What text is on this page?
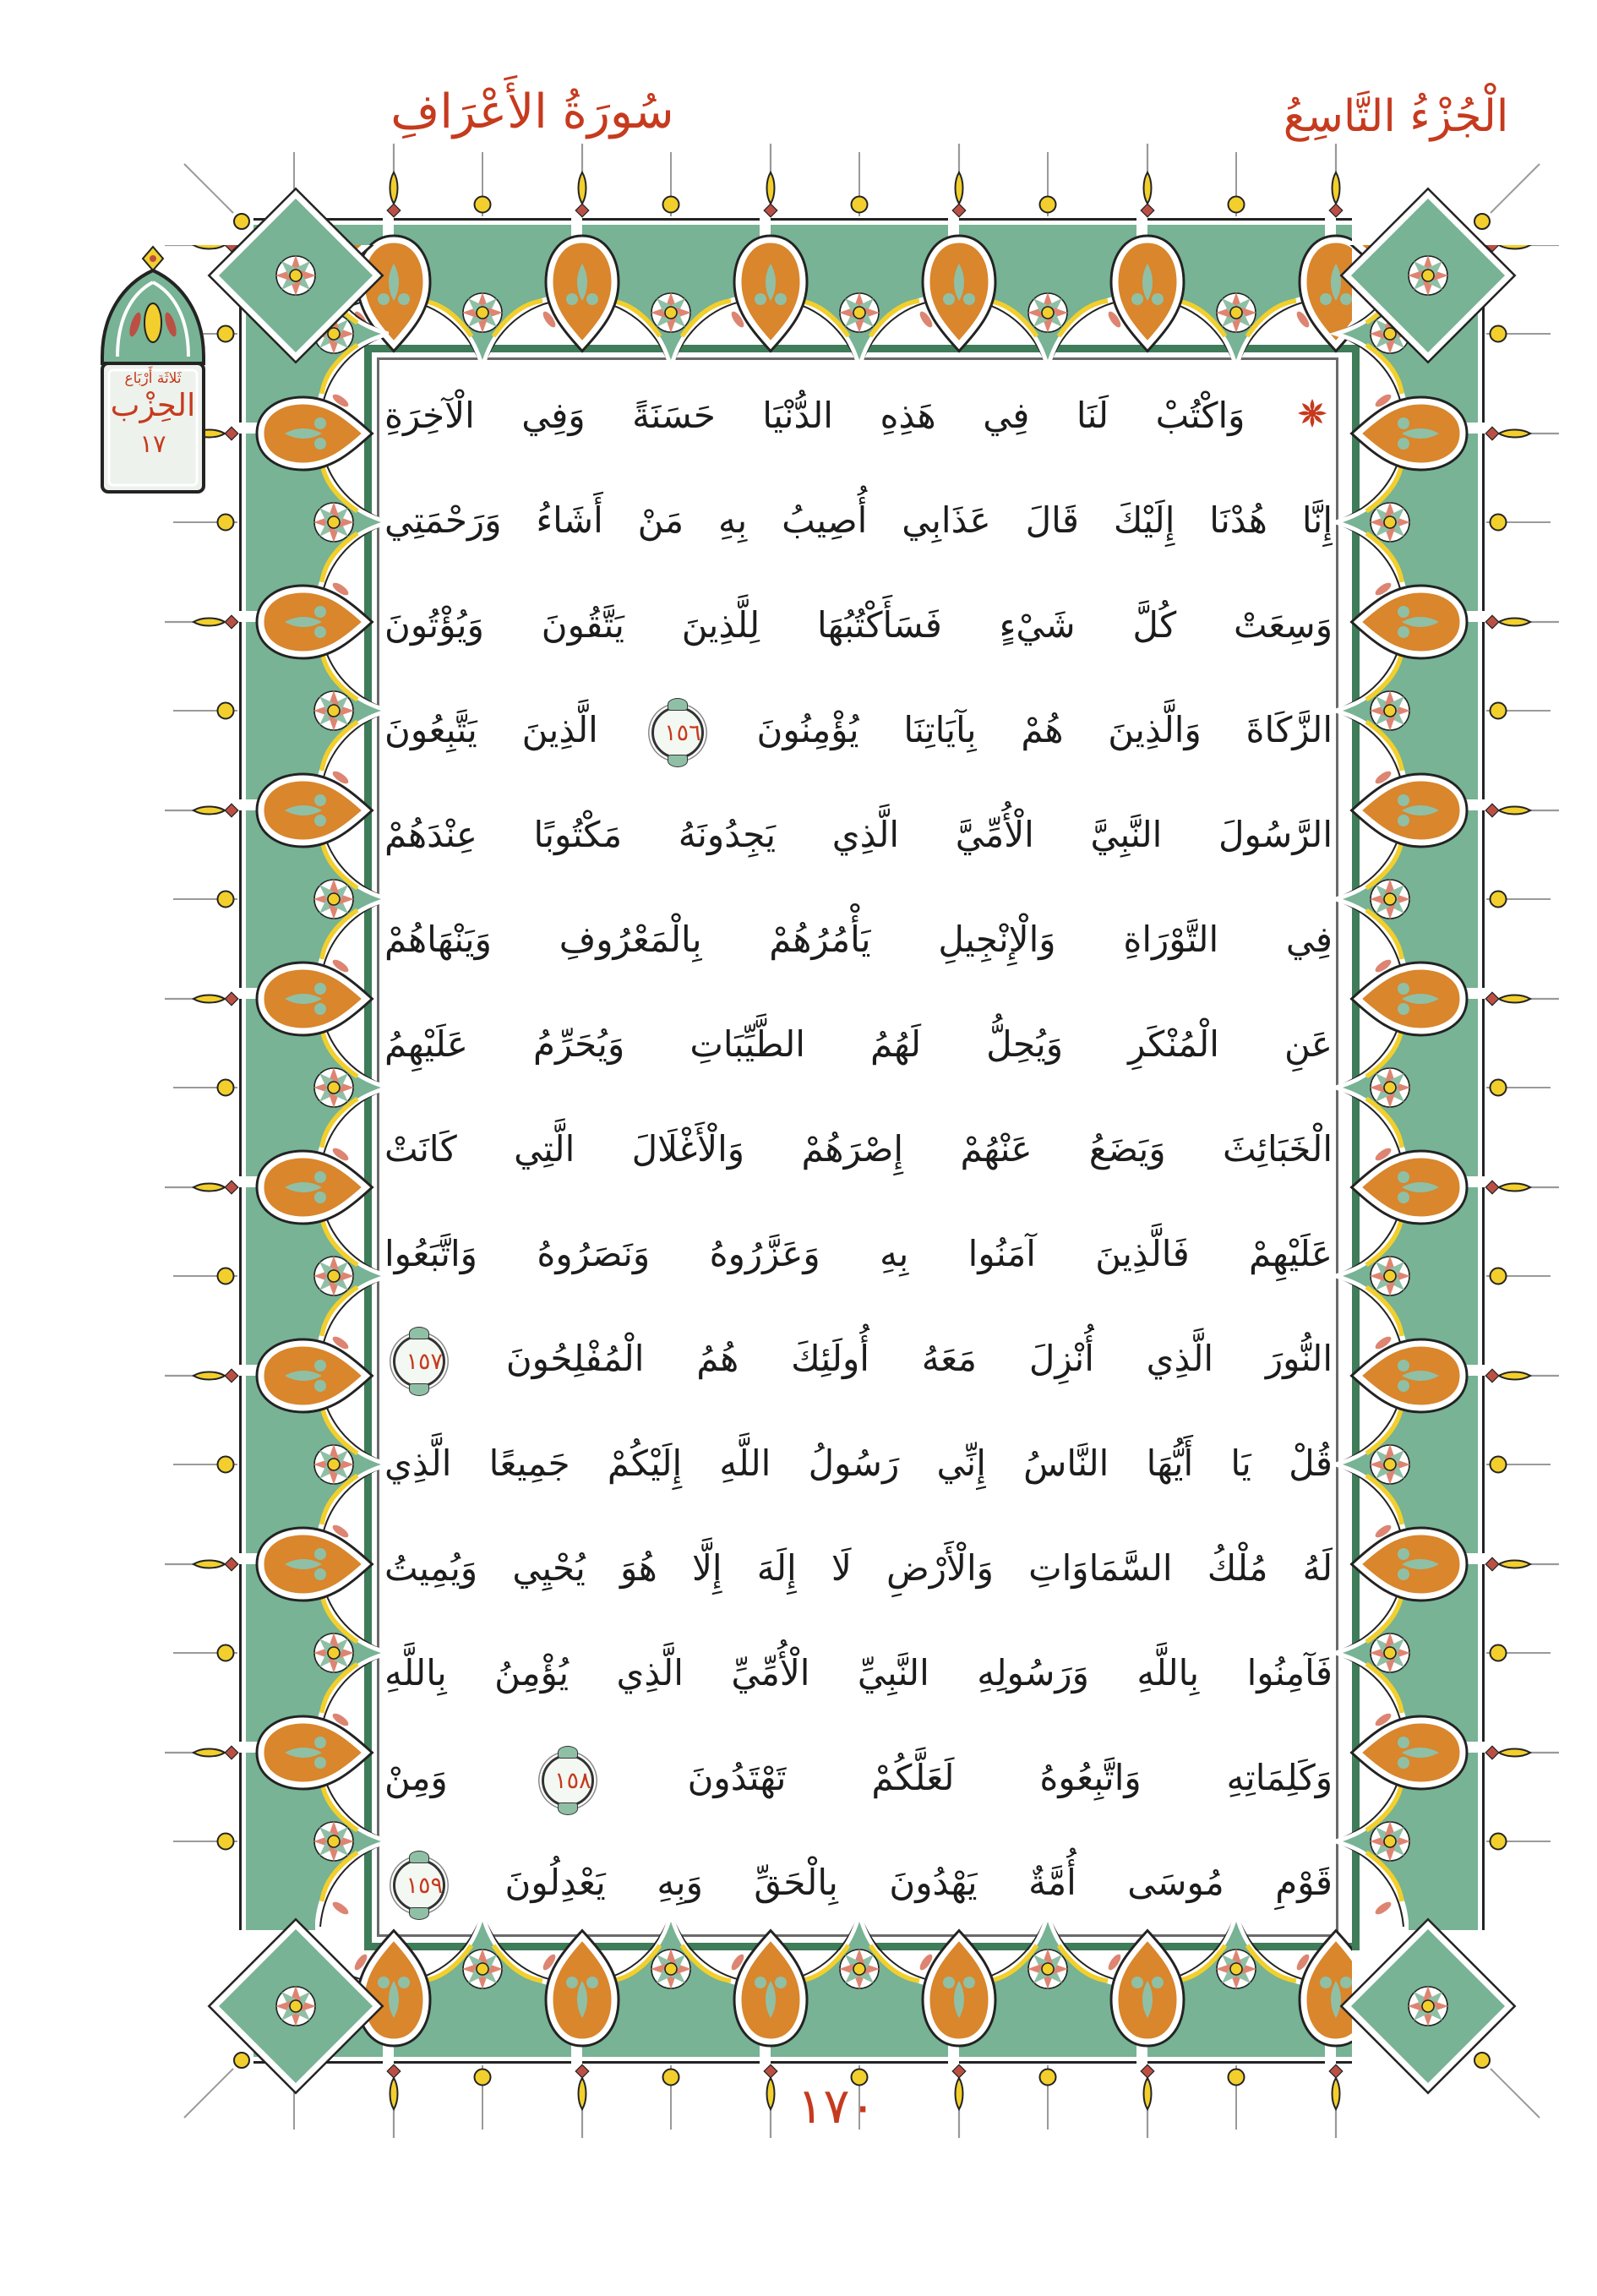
سُورَةُ الأَعْرَافِ	الْجُزْءُ التَّاسِعُ
ثَلاثَة أَرْبَاع
الحِزْب
١٧
وَاكْتُبْ لَنَا فِي هَذِهِ الدُّنْيَا حَسَنَةً وَفِي الْآخِرَةِ
إِنَّا هُدْنَا إِلَيْكَ قَالَ عَذَابِي أُصِيبُ بِهِ مَنْ أَشَاءُ وَرَحْمَتِي
وَسِعَتْ كُلَّ شَيْءٍ فَسَأَكْتُبُهَا لِلَّذِينَ يَتَّقُونَ وَيُؤْتُونَ
الزَّكَاةَ وَالَّذِينَ هُمْ بِآيَاتِنَا يُؤْمِنُونَ
١٥٦
الَّذِينَ يَتَّبِعُونَ
الرَّسُولَ النَّبِيَّ الْأُمِّيَّ الَّذِي يَجِدُونَهُ مَكْتُوبًا عِنْدَهُمْ
فِي التَّوْرَاةِ وَالْإِنْجِيلِ يَأْمُرُهُمْ بِالْمَعْرُوفِ وَيَنْهَاهُمْ
عَنِ الْمُنْكَرِ وَيُحِلُّ لَهُمُ الطَّيِّبَاتِ وَيُحَرِّمُ عَلَيْهِمُ
الْخَبَائِثَ وَيَضَعُ عَنْهُمْ إِصْرَهُمْ وَالْأَغْلَالَ الَّتِي كَانَتْ
عَلَيْهِمْ فَالَّذِينَ آمَنُوا بِهِ وَعَزَّرُوهُ وَنَصَرُوهُ وَاتَّبَعُوا
النُّورَ الَّذِي أُنْزِلَ مَعَهُ أُولَئِكَ هُمُ الْمُفْلِحُونَ
١٥٧
قُلْ يَا أَيُّهَا النَّاسُ إِنِّي رَسُولُ اللَّهِ إِلَيْكُمْ جَمِيعًا الَّذِي
لَهُ مُلْكُ السَّمَاوَاتِ وَالْأَرْضِ لَا إِلَهَ إِلَّا هُوَ يُحْيِي وَيُمِيتُ
فَآمِنُوا بِاللَّهِ وَرَسُولِهِ النَّبِيِّ الْأُمِّيِّ الَّذِي يُؤْمِنُ بِاللَّهِ
وَكَلِمَاتِهِ وَاتَّبِعُوهُ لَعَلَّكُمْ تَهْتَدُونَ
١٥٨
وَمِنْ
قَوْمِ مُوسَى أُمَّةٌ يَهْدُونَ بِالْحَقِّ وَبِهِ يَعْدِلُونَ
١٥٩
١٧٠
